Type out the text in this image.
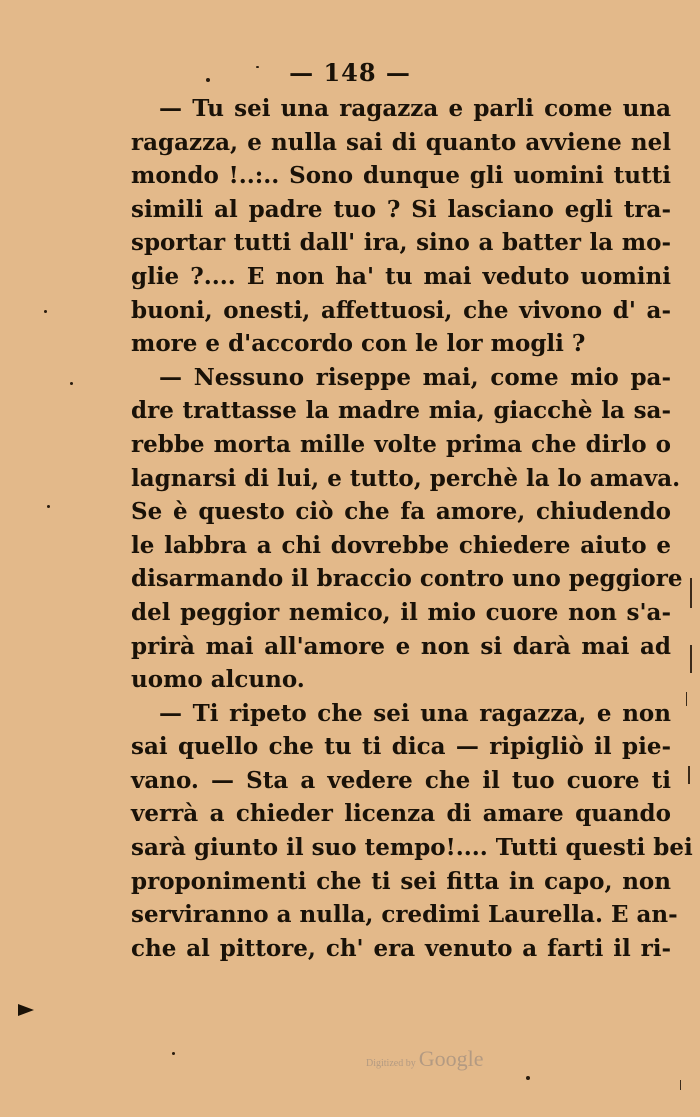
— 148 —
— Tu sei una ragazza e parli come una
ragazza, e nulla sai di quanto avviene nel
mondo !..:.. Sono dunque gli uomini tutti
simili al padre tuo ? Si lasciano egli tra-
sportar tutti dall' ira, sino a batter la mo-
glie ?.... E non ha' tu mai veduto uomini
buoni, onesti, affettuosi, che vivono d' a-
more e d'accordo con le lor mogli ?
— Nessuno riseppe mai, come mio pa-
dre trattasse la madre mia, giacchè la sa-
rebbe morta mille volte prima che dirlo o
lagnarsi di lui, e tutto, perchè la lo amava.
Se è questo ciò che fa amore, chiudendo
le labbra a chi dovrebbe chiedere aiuto e
disarmando il braccio contro uno peggiore
del peggior nemico, il mio cuore non s'a-
prirà mai all'amore e non si darà mai ad
uomo alcuno.
— Ti ripeto che sei una ragazza, e non
sai quello che tu ti dica — ripigliò il pie-
vano. — Sta a vedere che il tuo cuore ti
verrà a chieder licenza di amare quando
sarà giunto il suo tempo!.... Tutti questi bei
proponimenti che ti sei fitta in capo, non
serviranno a nulla, credimi Laurella. E an-
che al pittore, ch' era venuto a farti il ri-
Digitized by Google
